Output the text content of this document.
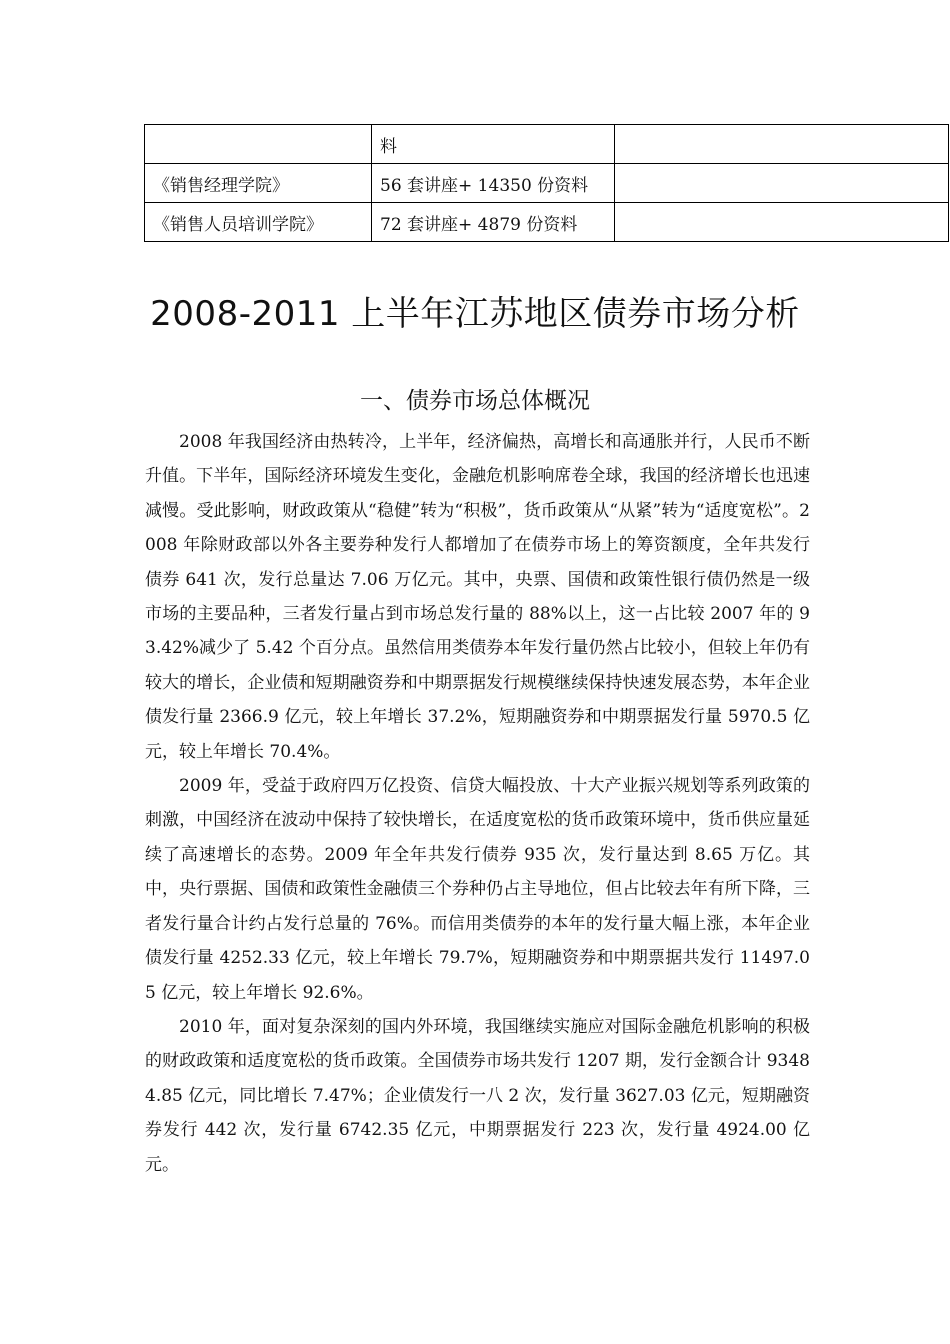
	料	
《销售经理学院》	56 套讲座+ 14350 份资料	
《销售人员培训学院》	72 套讲座+ 4879 份资料	
2008-2011 上半年江苏地区债券市场分析
一、债券市场总体概况

2008 年我国经济由热转冷，上半年，经济偏热，高增长和高通胀并行，人民币不断升值。下半年，国际经济环境发生变化，金融危机影响席卷全球，我国的经济增长也迅速减慢。受此影响，财政政策从“稳健”转为“积极”，货币政策从“从紧”转为“适度宽松”。2008 年除财政部以外各主要券种发行人都增加了在债券市场上的筹资额度，全年共发行债券 641 次，发行总量达 7.06 万亿元。其中，央票、国债和政策性银行债仍然是一级市场的主要品种，三者发行量占到市场总发行量的 88%以上，这一占比较 2007 年的 93.42%减少了 5.42 个百分点。虽然信用类债券本年发行量仍然占比较小，但较上年仍有较大的增长，企业债和短期融资券和中期票据发行规模继续保持快速发展态势，本年企业债发行量 2366.9 亿元，较上年增长 37.2%，短期融资券和中期票据发行量 5970.5 亿元，较上年增长 70.4%。

2009 年，受益于政府四万亿投资、信贷大幅投放、十大产业振兴规划等系列政策的刺激，中国经济在波动中保持了较快增长，在适度宽松的货币政策环境中，货币供应量延续了高速增长的态势。2009 年全年共发行债券 935 次，发行量达到 8.65 万亿。其中，央行票据、国债和政策性金融债三个券种仍占主导地位，但占比较去年有所下降，三者发行量合计约占发行总量的 76%。而信用类债券的本年的发行量大幅上涨，本年企业债发行量 4252.33 亿元，较上年增长 79.7%，短期融资券和中期票据共发行 11497.05 亿元，较上年增长 92.6%。

2010 年，面对复杂深刻的国内外环境，我国继续实施应对国际金融危机影响的积极的财政政策和适度宽松的货币政策。全国债券市场共发行 1207 期，发行金额合计 93484.85 亿元，同比增长 7.47%；企业债发行一八 2 次，发行量 3627.03 亿元，短期融资券发行 442 次，发行量 6742.35 亿元，中期票据发行 223 次，发行量 4924.00 亿元。
